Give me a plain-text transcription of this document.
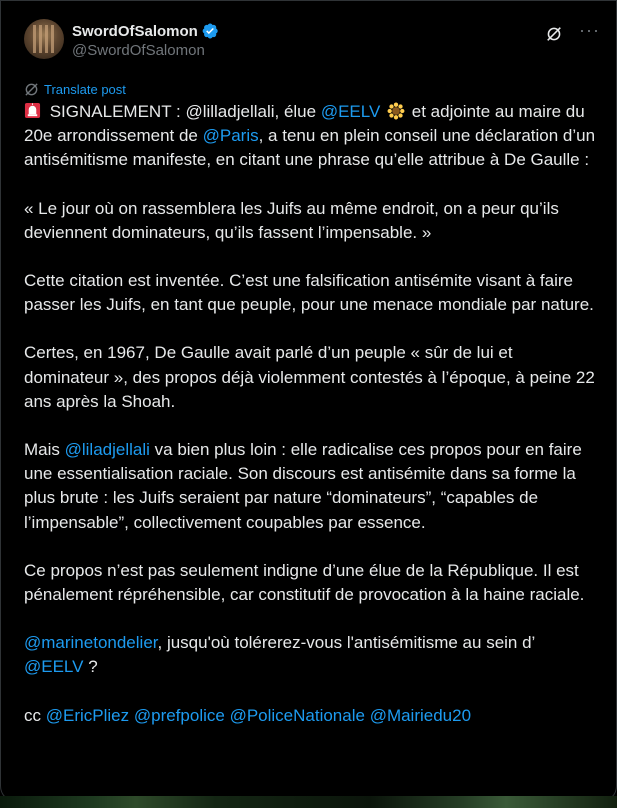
SwordOfSalomon
@SwordOfSalomon
···
Translate post

SIGNALEMENT : @lilladjellali, élue @EELV  et adjointe au maire du 20e arrondissement de @Paris, a tenu en plein conseil une déclaration d’un antisémitisme manifeste, en citant une phrase qu’elle attribue à De Gaulle :

« Le jour où on rassemblera les Juifs au même endroit, on a peur qu’ils deviennent dominateurs, qu’ils fassent l’impensable. »

Cette citation est inventée. C’est une falsification antisémite visant à faire passer les Juifs, en tant que peuple, pour une menace mondiale par nature.

Certes, en 1967, De Gaulle avait parlé d’un peuple « sûr de lui et dominateur », des propos déjà violemment contestés à l’époque, à peine 22 ans après la Shoah.

Mais @liladjellali va bien plus loin : elle radicalise ces propos pour en faire une essentialisation raciale. Son discours est antisémite dans sa forme la plus brute : les Juifs seraient par nature “dominateurs”, “capables de l’impensable”, collectivement coupables par essence.

Ce propos n’est pas seulement indigne d’une élue de la République. Il est pénalement répréhensible, car constitutif de provocation à la haine raciale.

@marinetondelier, jusqu'où tolérerez-vous l'antisémitisme au sein d’ @EELV ?

cc @EricPliez @prefpolice @PoliceNationale @Mairiedu20
